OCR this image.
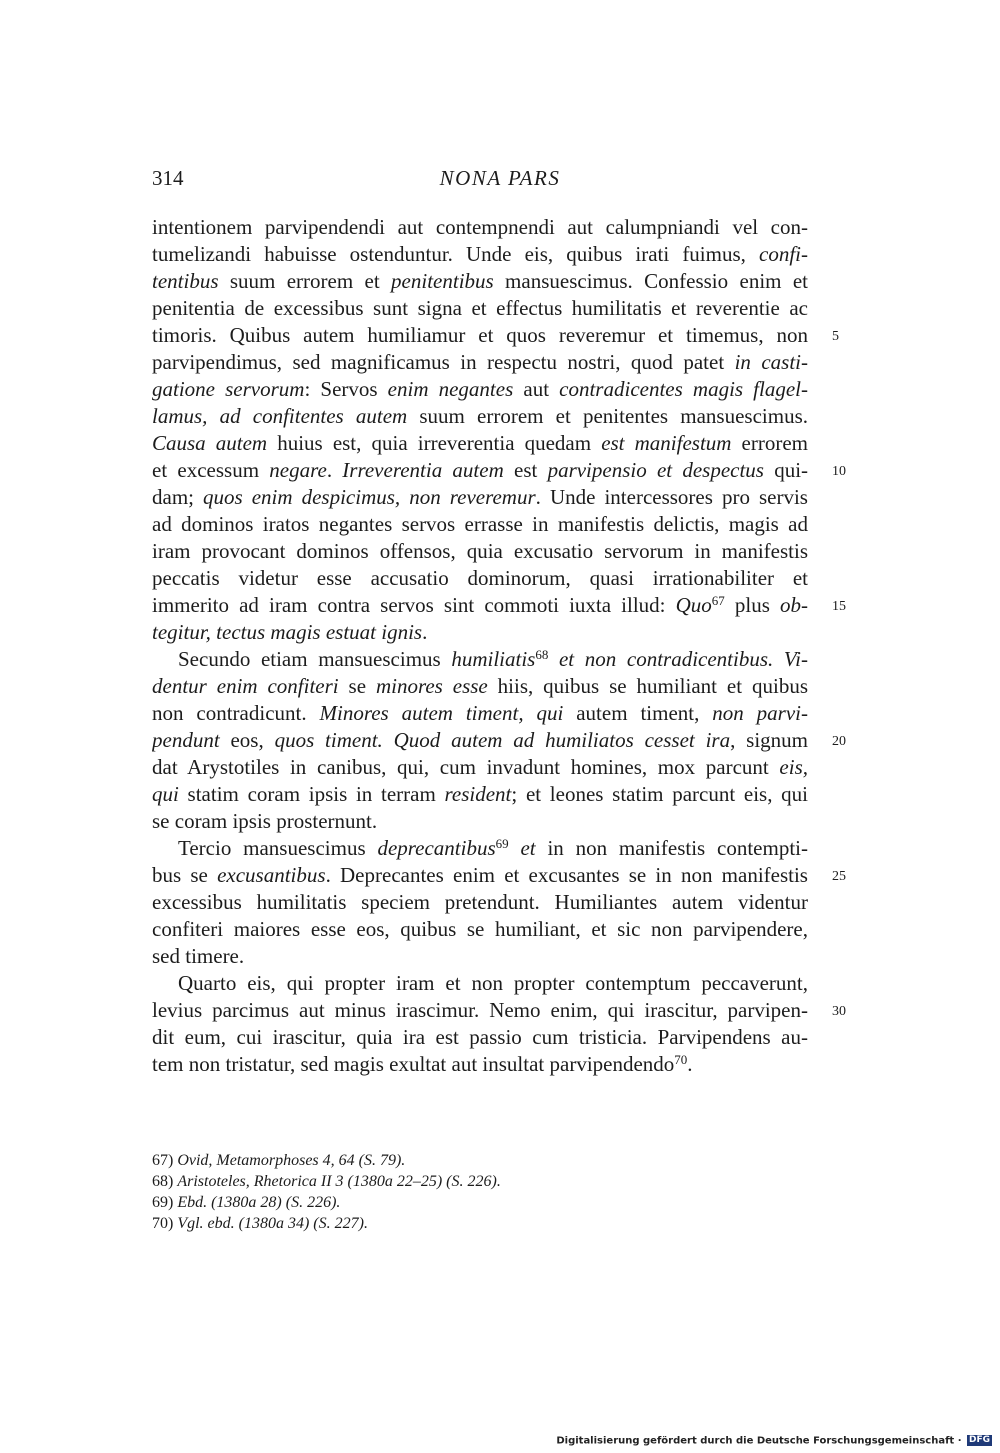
314	NONA PARS
intentionem parvipendendi aut contempnendi aut calumpniandi vel con-
tumelizandi habuisse ostenduntur. Unde eis, quibus irati fuimus, confi-
tentibus suum errorem et penitentibus mansuescimus. Confessio enim et
penitentia de excessibus sunt signa et effectus humilitatis et reverentie ac
timoris. Quibus autem humiliamur et quos reveremur et timemus, non
parvipendimus, sed magnificamus in respectu nostri, quod patet in casti-
gatione servorum: Servos enim negantes aut contradicentes magis flagel-
lamus, ad confitentes autem suum errorem et penitentes mansuescimus.
Causa autem huius est, quia irreverentia quedam est manifestum errorem
et excessum negare. Irreverentia autem est parvipensio et despectus qui-
dam; quos enim despicimus, non reveremur. Unde intercessores pro servis
ad dominos iratos negantes servos errasse in manifestis delictis, magis ad
iram provocant dominos offensos, quia excusatio servorum in manifestis
peccatis videtur esse accusatio dominorum, quasi irrationabiliter et
immerito ad iram contra servos sint commoti iuxta illud: Quo$^{67}$ plus ob-
tegitur, tectus magis estuat ignis.
Secundo etiam mansuescimus humiliatis$^{68}$ et non contradicentibus. Vi-
dentur enim confiteri se minores esse hiis, quibus se humiliant et quibus
non contradicunt. Minores autem timent, qui autem timent, non parvi-
pendunt eos, quos timent. Quod autem ad humiliatos cesset ira, signum
dat Arystotiles in canibus, qui, cum invadunt homines, mox parcunt eis,
qui statim coram ipsis in terram resident; et leones statim parcunt eis, qui
se coram ipsis prosternunt.
Tercio mansuescimus deprecantibus$^{69}$ et in non manifestis contempti-
bus se excusantibus. Deprecantes enim et excusantes se in non manifestis
excessibus humilitatis speciem pretendunt. Humiliantes autem videntur
confiteri maiores esse eos, quibus se humiliant, et sic non parvipendere,
sed timere.
Quarto eis, qui propter iram et non propter contemptum peccaverunt,
levius parcimus aut minus irascimur. Nemo enim, qui irascitur, parvipen-
dit eum, cui irascitur, quia ira est passio cum tristicia. Parvipendens au-
tem non tristatur, sed magis exultat aut insultat parvipendendo$^{70}$.
5
10
15
20
25
30
67) Ovid, Metamorphoses 4, 64 (S. 79).
68) Aristoteles, Rhetorica II 3 (1380a 22–25) (S. 226).
69) Ebd. (1380a 28) (S. 226).
70) Vgl. ebd. (1380a 34) (S. 227).
Digitalisierung gefördert durch die Deutsche Forschungsgemeinschaft · DFG
